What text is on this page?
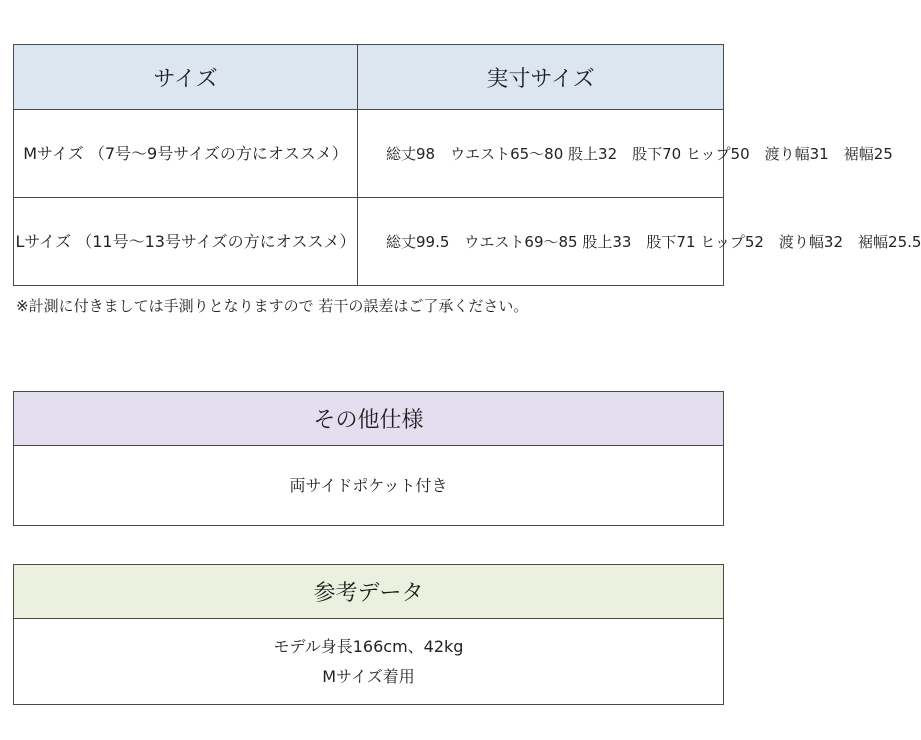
サイズ	実寸サイズ
Mサイズ （7号～9号サイズの方にオススメ）	総丈98　ウエスト65～80 股上32　股下70 ヒップ50　渡り幅31　裾幅25
Lサイズ （11号～13号サイズの方にオススメ）	総丈99.5　ウエスト69～85 股上33　股下71 ヒップ52　渡り幅32　裾幅25.5
※計測に付きましては手測りとなりますので 若干の誤差はご了承ください。
その他仕様
両サイドポケット付き
参考データ
モデル身長166cm、42kg
Mサイズ着用
